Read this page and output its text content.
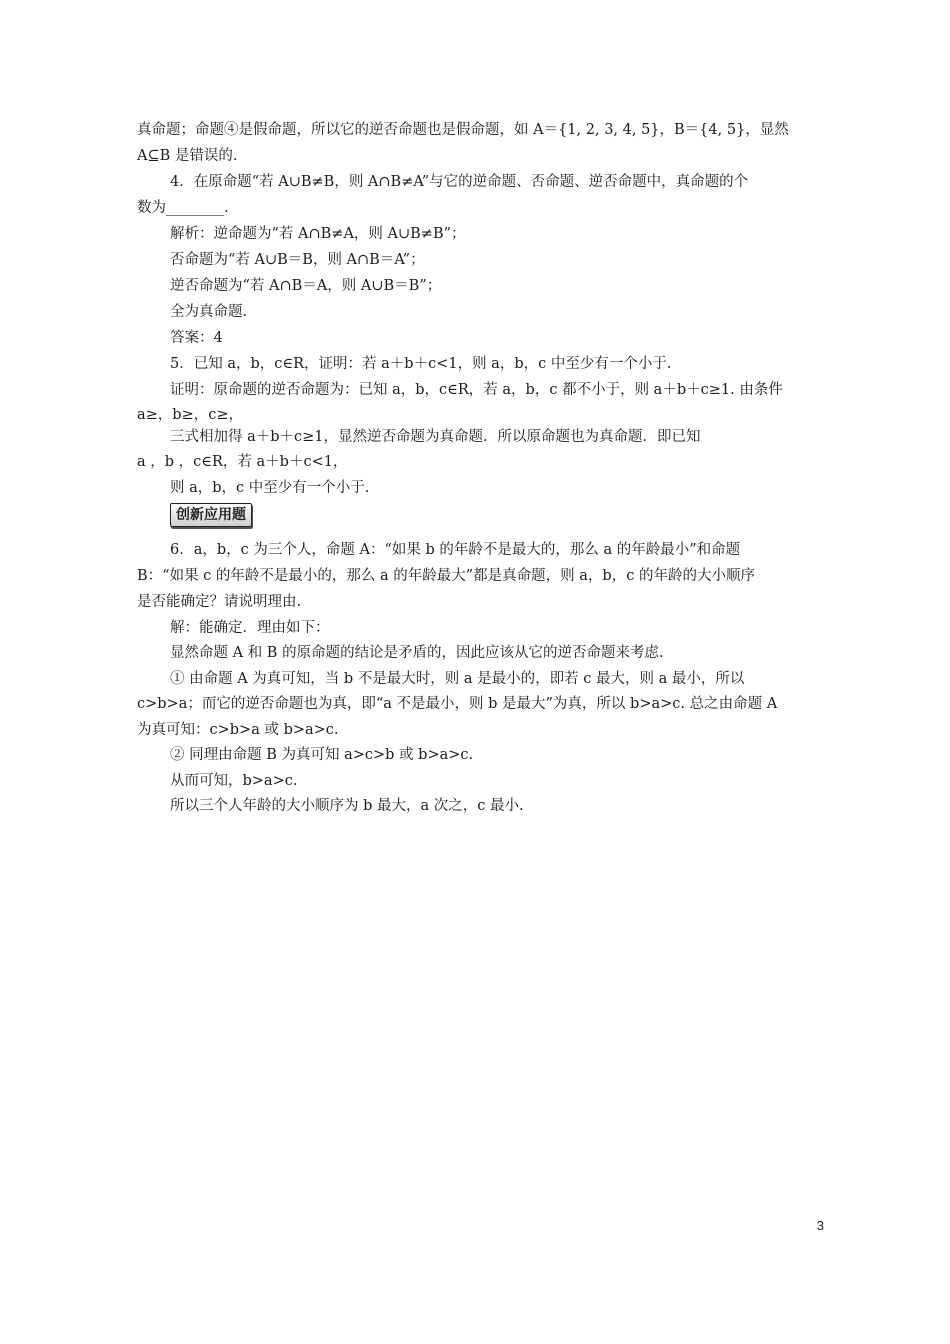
真命题；命题④是假命题，所以它的逆否命题也是假命题，如 A＝{1, 2, 3, 4, 5}，B＝{4, 5}，显然
A⊆B 是错误的.
4．在原命题“若 A∪B≠B，则 A∩B≠A”与它的逆命题、否命题、逆否命题中，真命题的个
数为________.
解析：逆命题为“若 A∩B≠A，则 A∪B≠B”；
否命题为“若 A∪B＝B，则 A∩B＝A”；
逆否命题为“若 A∩B＝A，则 A∪B＝B”；
全为真命题.
答案：4
5．已知 a，b，c∈R，证明：若 a＋b＋c<1，则 a，b，c 中至少有一个小于.
证明：原命题的逆否命题为：已知 a，b，c∈R，若 a，b，c 都不小于，则 a＋b＋c≥1. 由条件
a≥，b≥，c≥，
三式相加得 a＋b＋c≥1，显然逆否命题为真命题．所以原命题也为真命题．即已知
a ，b ，c∈R，若 a＋b＋c<1，
则 a，b，c 中至少有一个小于.
创新应用题
6．a，b，c 为三个人，命题 A：“如果 b 的年龄不是最大的，那么 a 的年龄最小”和命题
B：“如果 c 的年龄不是最小的，那么 a 的年龄最大”都是真命题，则 a，b，c 的年龄的大小顺序
是否能确定？请说明理由.
解：能确定．理由如下：
显然命题 A 和 B 的原命题的结论是矛盾的，因此应该从它的逆否命题来考虑.
① 由命题 A 为真可知，当 b 不是最大时，则 a 是最小的，即若 c 最大，则 a 最小，所以
c>b>a；而它的逆否命题也为真，即“a 不是最小，则 b 是最大”为真，所以 b>a>c. 总之由命题 A
为真可知：c>b>a 或 b>a>c.
② 同理由命题 B 为真可知 a>c>b 或 b>a>c.
从而可知，b>a>c.
所以三个人年龄的大小顺序为 b 最大，a 次之，c 最小.
3
